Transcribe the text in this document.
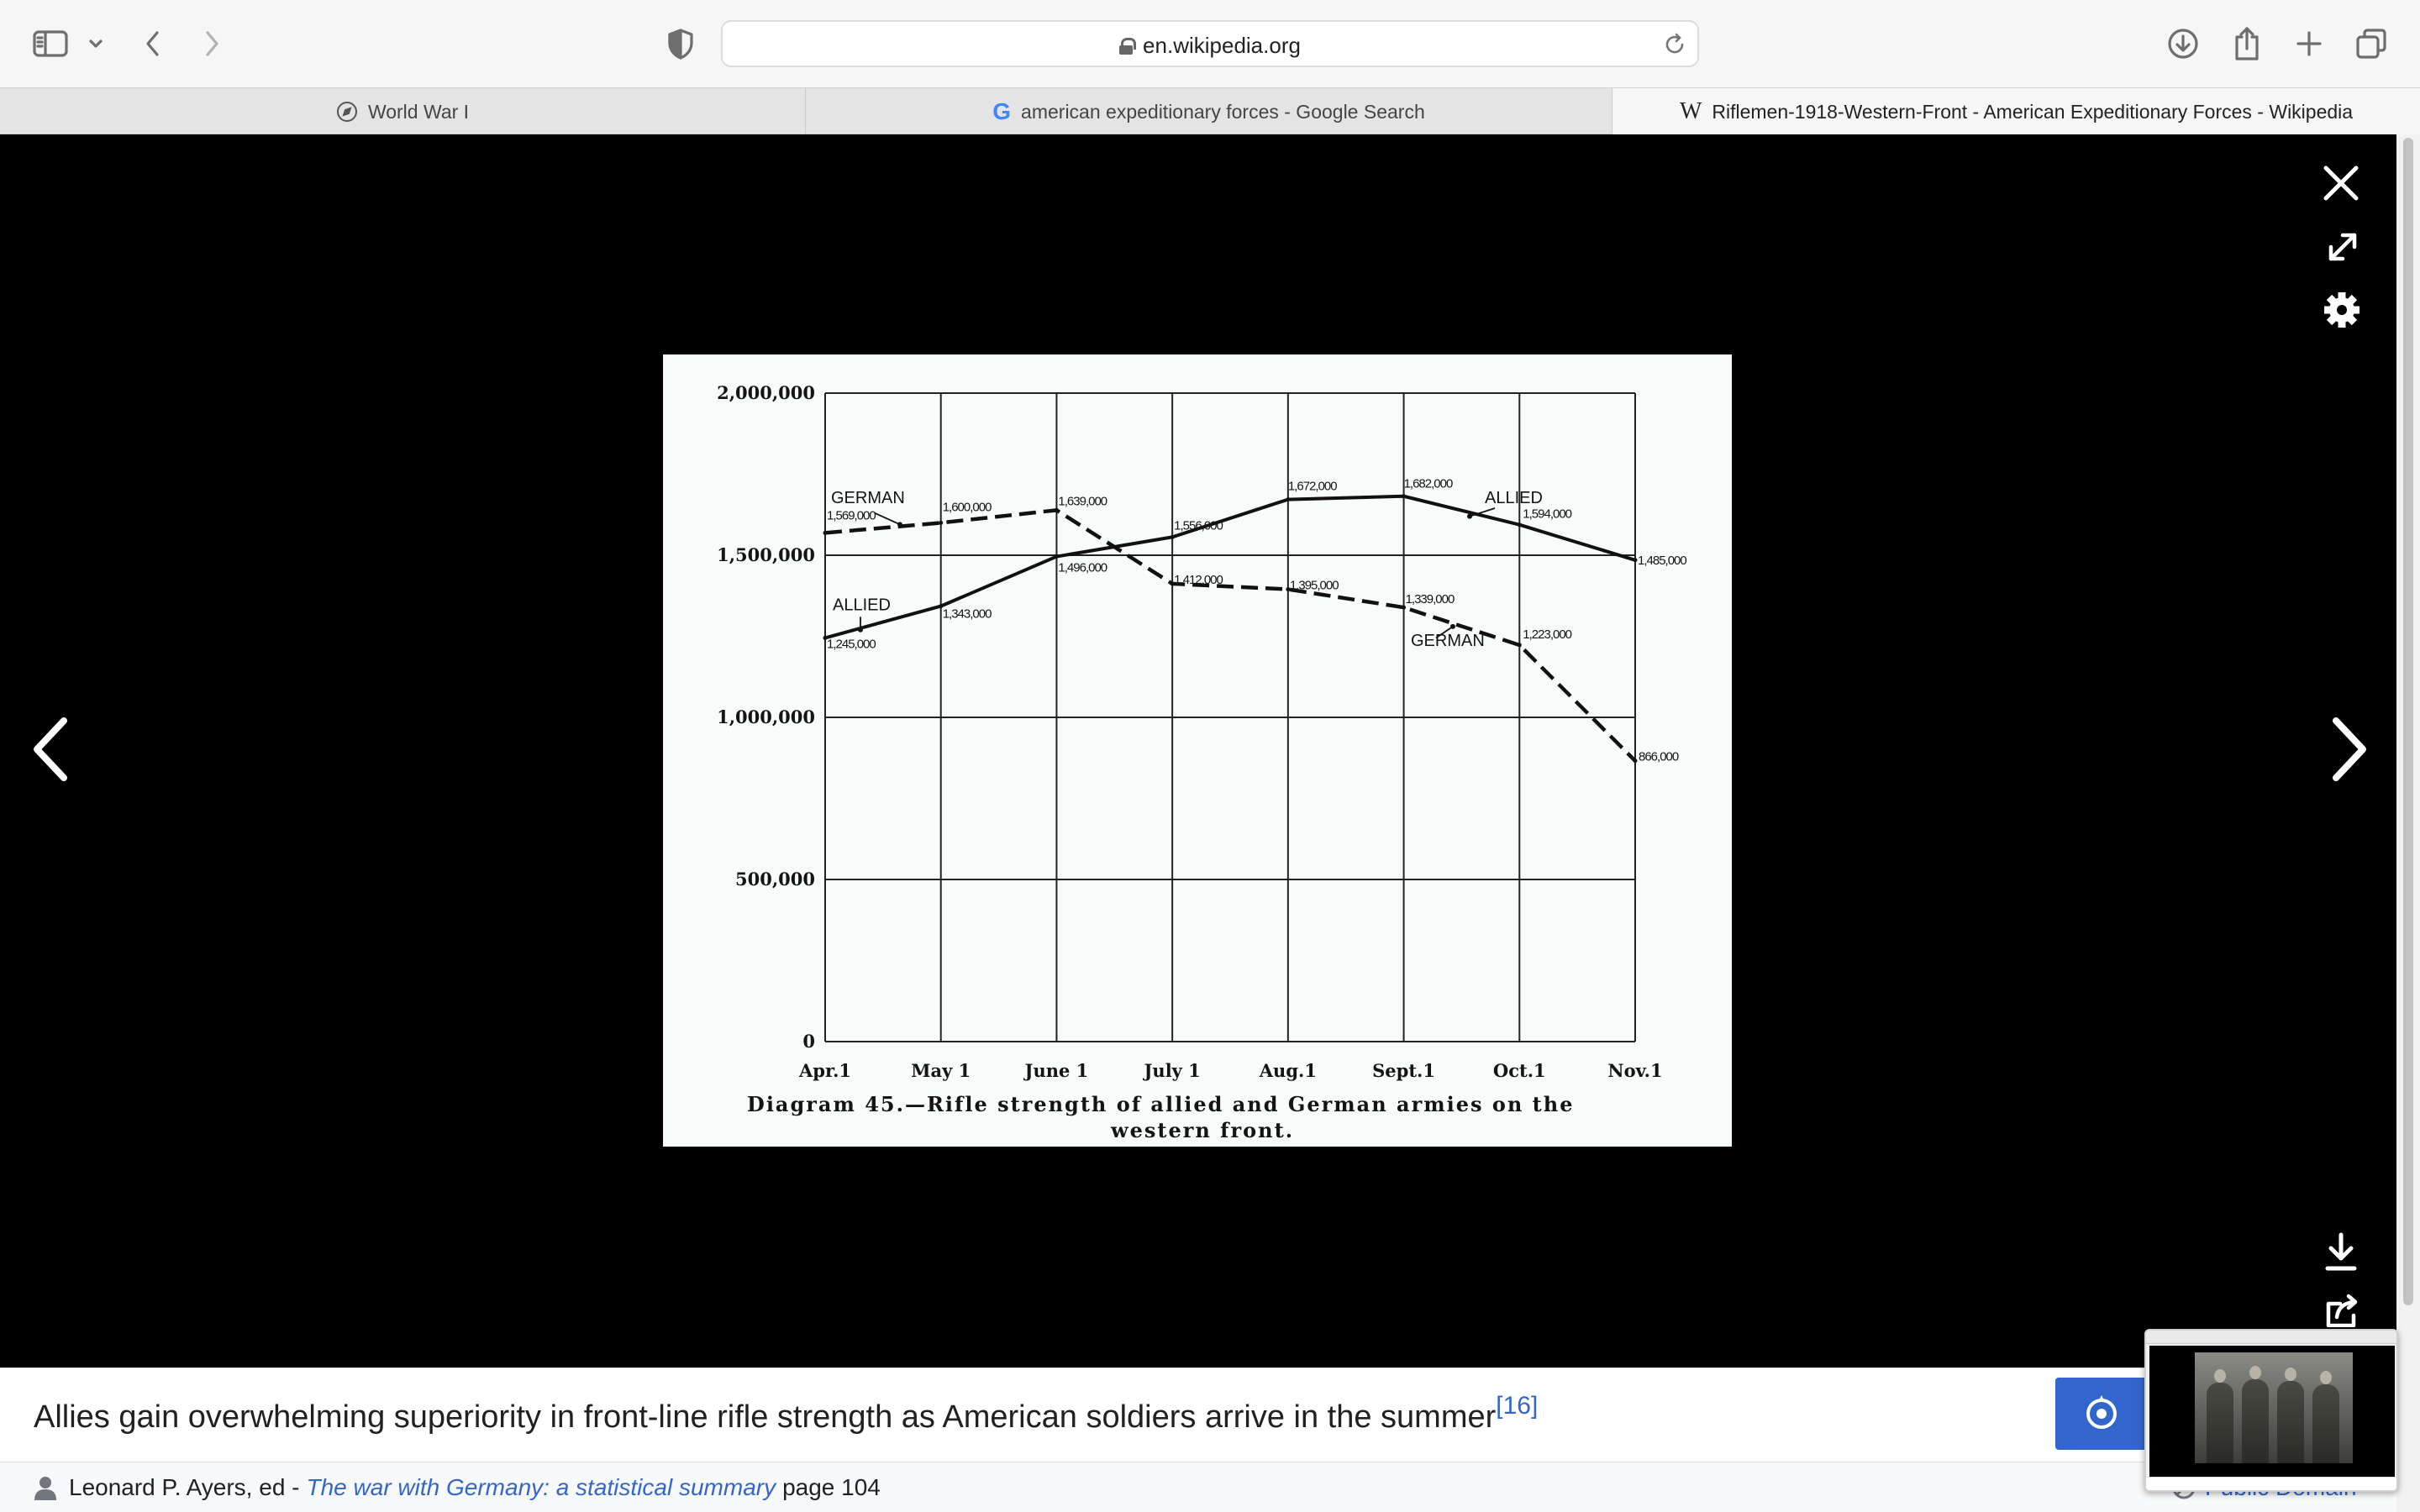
en.wikipedia.org
World War I	G american expeditionary forces - Google Search	W Riflemen-1918-Western-Front - American Expeditionary Forces - Wikipedia
2,000,000
1,500,000
1,000,000
500,000
0
Apr.1	May 1	June 1	July 1	Aug.1	Sept.1	Oct.1	Nov.1
1,245,000
1,343,000
1,496,000
1,556,000
1,672,000	1,682,000
1,594,000
1,485,000
1,569,000
1,600,000	1,639,000
1,412,000	1,395,000
1,339,000
1,223,000
866,000
GERMAN
ALLIED
ALLIED
GERMAN
Diagram 45.—Rifle strength of allied and German armies on the
western front.
Allies gain overwhelming superiority in front-line rifle strength as American soldiers arrive in the summer[16]
Leonard P. Ayers, ed - The war with Germany: a statistical summary page 104
